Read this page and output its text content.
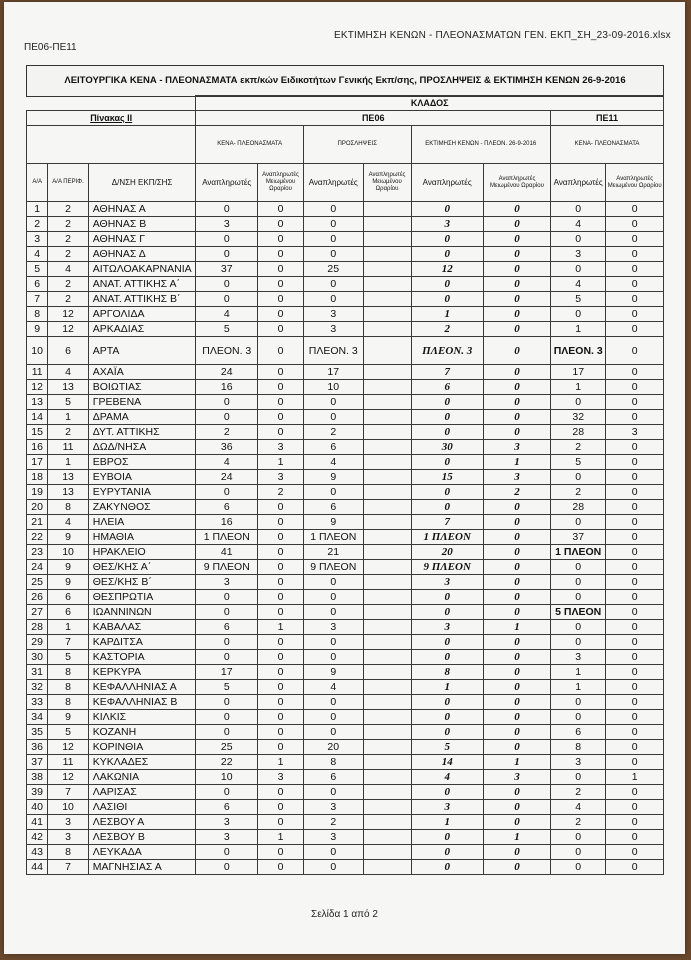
ΠΕ06-ΠΕ11
ΕΚΤΙΜΗΣΗ ΚΕΝΩΝ - ΠΛΕΟΝΑΣΜΑΤΩΝ ΓΕΝ. ΕΚΠ_ΣΗ_23-09-2016.xlsx
ΛΕΙΤΟΥΡΓΙΚΑ ΚΕΝΑ - ΠΛΕΟΝΑΣΜΑΤΑ εκπ/κών Ειδικοτήτων Γενικής Εκπ/σης, ΠΡΟΣΛΗΨΕΙΣ & ΕΚΤΙΜΗΣΗ ΚΕΝΩΝ 26-9-2016
			ΚΛΑΔΟΣ							
Πίνακας ΙΙ			ΠΕ06						ΠΕ11	
			ΚΕΝΑ- ΠΛΕΟΝΑΣΜΑΤΑ		ΠΡΟΣΛΗΨΕΙΣ		ΕΚΤΙΜΗΣΗ ΚΕΝΩΝ - ΠΛΕΟΝ. 26-9-2016		ΚΕΝΑ- ΠΛΕΟΝΑΣΜΑΤΑ	
Α/Α	Α/Α ΠΕΡΙΦ.	Δ/ΝΣΗ ΕΚΠ/ΣΗΣ	Αναπληρωτές	Αναπληρωτές Μειωμένου Ωραρίου	Αναπληρωτές	Αναπληρωτές Μειωμένου Ωραρίου	Αναπληρωτές	Αναπληρωτές Μειωμένου Ωραρίου	Αναπληρωτές	Αναπληρωτές Μειωμένου Ωραρίου
1	2	ΑΘΗΝΑΣ Α	0	0	0		0	0	0	0
2	2	ΑΘΗΝΑΣ Β	3	0	0		3	0	4	0
3	2	ΑΘΗΝΑΣ Γ	0	0	0		0	0	0	0
4	2	ΑΘΗΝΑΣ Δ	0	0	0		0	0	3	0
5	4	ΑΙΤΩΛΟΑΚΑΡΝΑΝΙΑ	37	0	25		12	0	0	0
6	2	ΑΝΑΤ. ΑΤΤΙΚΗΣ Α΄	0	0	0		0	0	4	0
7	2	ΑΝΑΤ. ΑΤΤΙΚΗΣ Β΄	0	0	0		0	0	5	0
8	12	ΑΡΓΟΛΙΔΑ	4	0	3		1	0	0	0
9	12	ΑΡΚΑΔΙΑΣ	5	0	3		2	0	1	0
10	6	ΑΡΤΑ	ΠΛΕΟΝ. 3	0	ΠΛΕΟΝ. 3		ΠΛΕΟΝ. 3	0	ΠΛΕΟΝ. 3	0
11	4	ΑΧΑΪΑ	24	0	17		7	0	17	0
12	13	ΒΟΙΩΤΙΑΣ	16	0	10		6	0	1	0
13	5	ΓΡΕΒΕΝΑ	0	0	0		0	0	0	0
14	1	ΔΡΑΜΑ	0	0	0		0	0	32	0
15	2	ΔΥΤ. ΑΤΤΙΚΗΣ	2	0	2		0	0	28	3
16	11	ΔΩΔ/ΝΗΣΑ	36	3	6		30	3	2	0
17	1	ΕΒΡΟΣ	4	1	4		0	1	5	0
18	13	ΕΥΒΟΙΑ	24	3	9		15	3	0	0
19	13	ΕΥΡΥΤΑΝΙΑ	0	2	0		0	2	2	0
20	8	ΖΑΚΥΝΘΟΣ	6	0	6		0	0	28	0
21	4	ΗΛΕΙΑ	16	0	9		7	0	0	0
22	9	ΗΜΑΘΙΑ	1 ΠΛΕΟΝ	0	1 ΠΛΕΟΝ		1 ΠΛΕΟΝ	0	37	0
23	10	ΗΡΑΚΛΕΙΟ	41	0	21		20	0	1 ΠΛΕΟΝ	0
24	9	ΘΕΣ/ΚΗΣ Α΄	9 ΠΛΕΟΝ	0	9 ΠΛΕΟΝ		9 ΠΛΕΟΝ	0	0	0
25	9	ΘΕΣ/ΚΗΣ Β΄	3	0	0		3	0	0	0
26	6	ΘΕΣΠΡΩΤΙΑ	0	0	0		0	0	0	0
27	6	ΙΩΑΝΝΙΝΩΝ	0	0	0		0	0	5 ΠΛΕΟΝ	0
28	1	ΚΑΒΑΛΑΣ	6	1	3		3	1	0	0
29	7	ΚΑΡΔΙΤΣΑ	0	0	0		0	0	0	0
30	5	ΚΑΣΤΟΡΙΑ	0	0	0		0	0	3	0
31	8	ΚΕΡΚΥΡΑ	17	0	9		8	0	1	0
32	8	ΚΕΦΑΛΛΗΝΙΑΣ Α	5	0	4		1	0	1	0
33	8	ΚΕΦΑΛΛΗΝΙΑΣ Β	0	0	0		0	0	0	0
34	9	ΚΙΛΚΙΣ	0	0	0		0	0	0	0
35	5	ΚΟΖΑΝΗ	0	0	0		0	0	6	0
36	12	ΚΟΡΙΝΘΙΑ	25	0	20		5	0	8	0
37	11	ΚΥΚΛΑΔΕΣ	22	1	8		14	1	3	0
38	12	ΛΑΚΩΝΙΑ	10	3	6		4	3	0	1
39	7	ΛΑΡΙΣΑΣ	0	0	0		0	0	2	0
40	10	ΛΑΣΙΘΙ	6	0	3		3	0	4	0
41	3	ΛΕΣΒΟΥ Α	3	0	2		1	0	2	0
42	3	ΛΕΣΒΟΥ Β	3	1	3		0	1	0	0
43	8	ΛΕΥΚΑΔΑ	0	0	0		0	0	0	0
44	7	ΜΑΓΝΗΣΙΑΣ Α	0	0	0		0	0	0	0
Σελίδα 1 από 2
